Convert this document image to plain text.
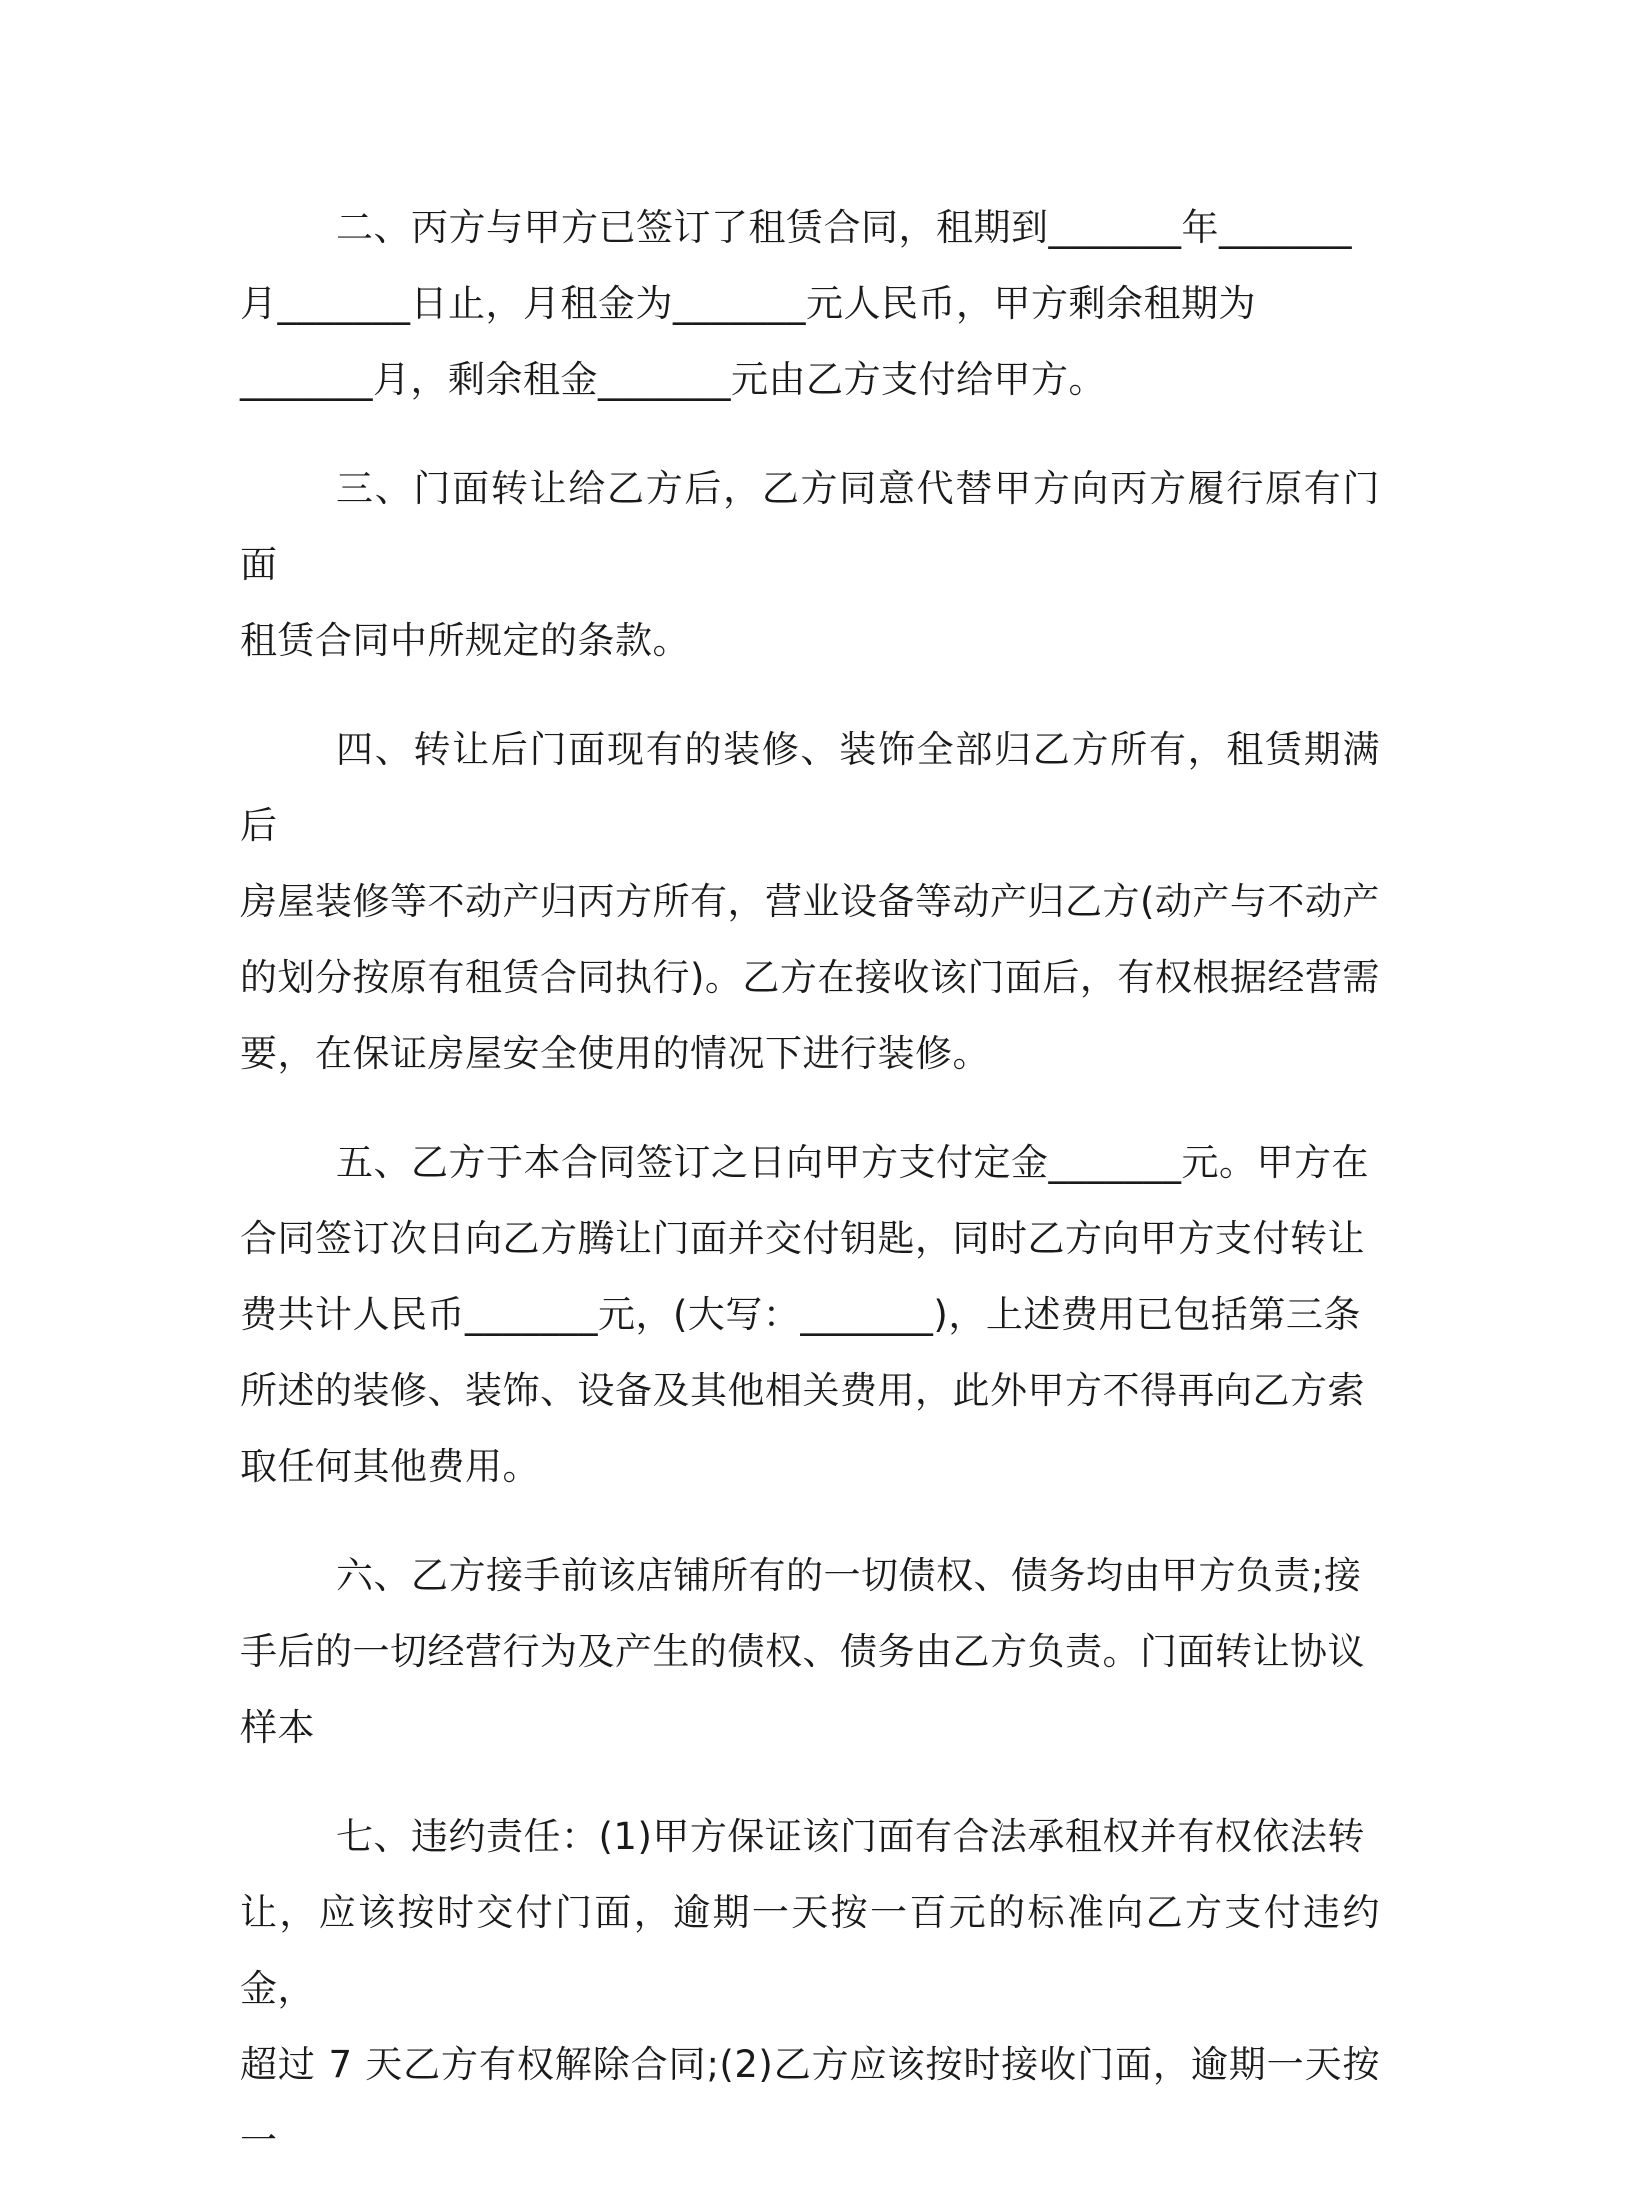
二、丙方与甲方已签订了租赁合同，租期到_______年_______
月_______日止，月租金为_______元人民币，甲方剩余租期为
_______月，剩余租金_______元由乙方支付给甲方。

三、门面转让给乙方后，乙方同意代替甲方向丙方履行原有门面
租赁合同中所规定的条款。

四、转让后门面现有的装修、装饰全部归乙方所有，租赁期满后
房屋装修等不动产归丙方所有，营业设备等动产归乙方(动产与不动产
的划分按原有租赁合同执行)。乙方在接收该门面后，有权根据经营需
要，在保证房屋安全使用的情况下进行装修。

五、乙方于本合同签订之日向甲方支付定金_______元。甲方在
合同签订次日向乙方腾让门面并交付钥匙，同时乙方向甲方支付转让
费共计人民币_______元，(大写：_______)，上述费用已包括第三条
所述的装修、装饰、设备及其他相关费用，此外甲方不得再向乙方索
取任何其他费用。

六、乙方接手前该店铺所有的一切债权、债务均由甲方负责;接
手后的一切经营行为及产生的债权、债务由乙方负责。门面转让协议
样本

七、违约责任：(1)甲方保证该门面有合法承租权并有权依法转
让，应该按时交付门面，逾期一天按一百元的标准向乙方支付违约金，
超过 7 天乙方有权解除合同;(2)乙方应该按时接收门面，逾期一天按一
